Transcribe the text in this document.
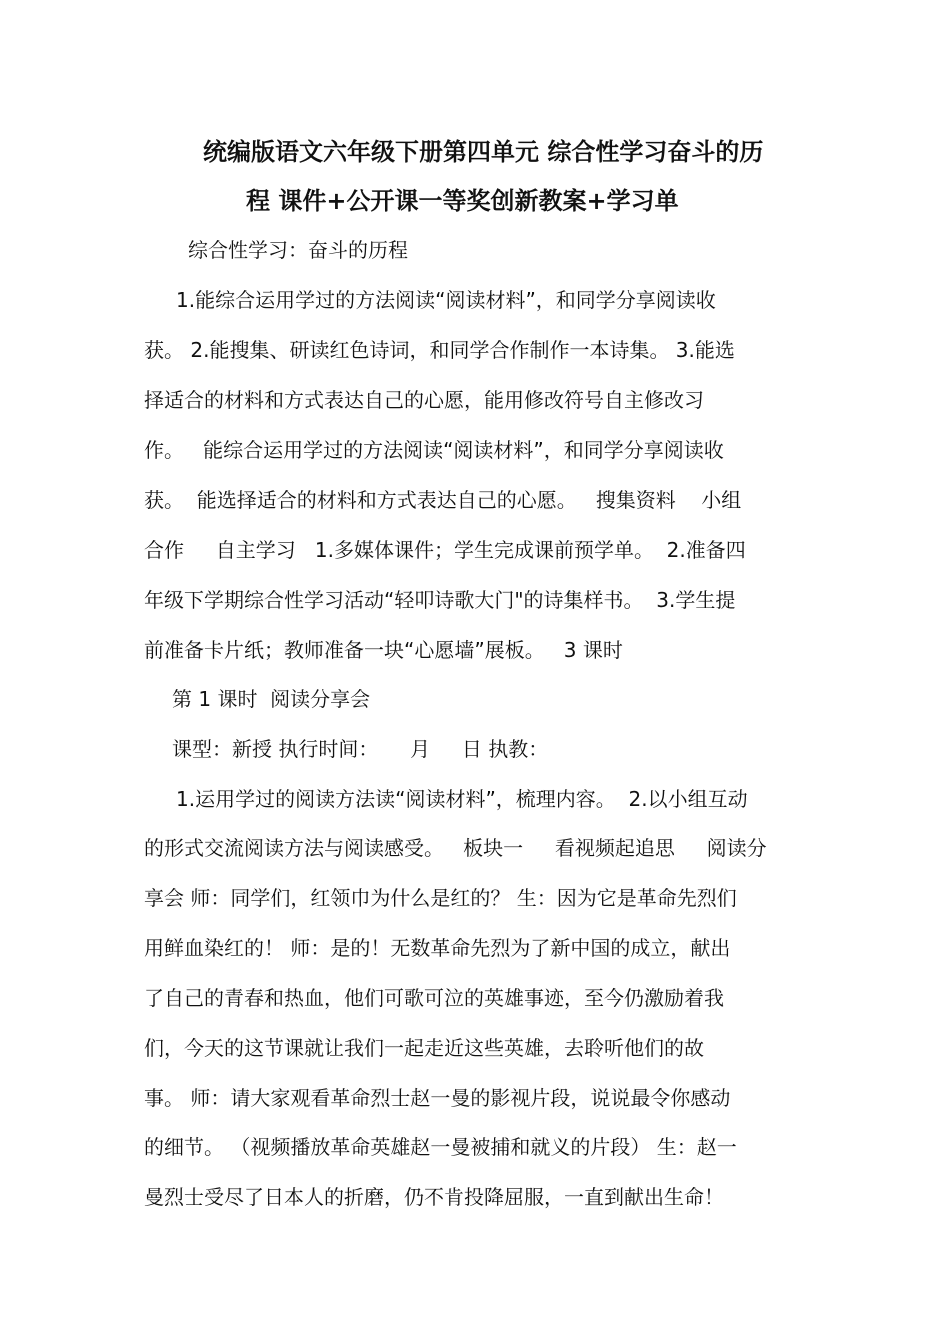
统编版语文六年级下册第四单元 综合性学习奋斗的历
程 课件+公开课一等奖创新教案+学习单
综合性学习：奋斗的历程
1.能综合运用学过的方法阅读“阅读材料”，和同学分享阅读收
获。 2.能搜集、研读红色诗词，和同学合作制作一本诗集。 3.能选
择适合的材料和方式表达自己的心愿，能用修改符号自主修改习
作。   能综合运用学过的方法阅读“阅读材料”，和同学分享阅读收
获。  能选择适合的材料和方式表达自己的心愿。   搜集资料    小组
合作     自主学习   1.多媒体课件；学生完成课前预学单。  2.准备四
年级下学期综合性学习活动“轻叩诗歌大门"的诗集样书。  3.学生提
前准备卡片纸；教师准备一块“心愿墙”展板。   3 课时
第 1 课时  阅读分享会
课型：新授 执行时间：     月     日 执教：
1.运用学过的阅读方法读“阅读材料”，梳理内容。  2.以小组互动
的形式交流阅读方法与阅读感受。   板块一     看视频起追思     阅读分
享会 师：同学们，红领巾为什么是红的？ 生：因为它是革命先烈们
用鲜血染红的！ 师：是的！无数革命先烈为了新中国的成立，献出
了自己的青春和热血，他们可歌可泣的英雄事迹，至今仍激励着我
们，今天的这节课就让我们一起走近这些英雄，去聆听他们的故
事。 师：请大家观看革命烈士赵一曼的影视片段，说说最令你感动
的细节。 （视频播放革命英雄赵一曼被捕和就义的片段） 生：赵一
曼烈士受尽了日本人的折磨，仍不肯投降屈服，一直到献出生命！
